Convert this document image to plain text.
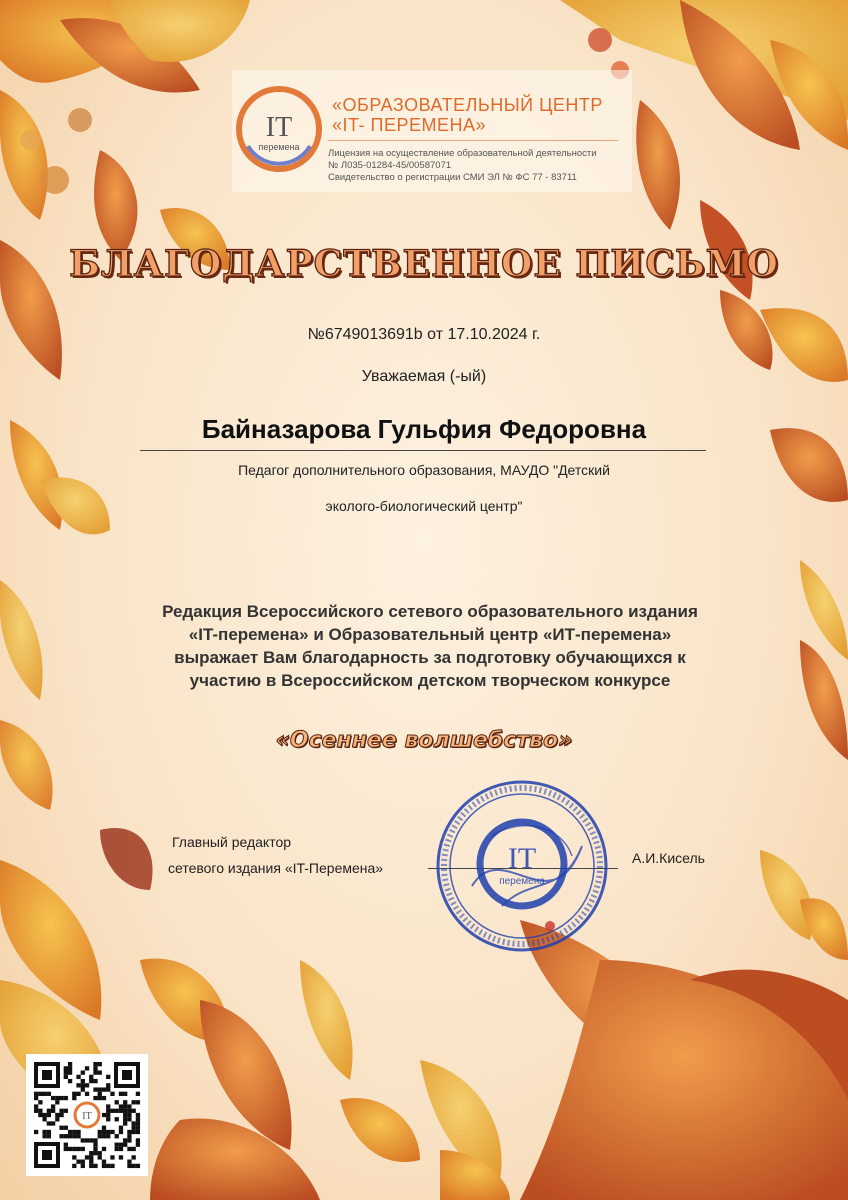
IT
перемена
«ОБРАЗОВАТЕЛЬНЫЙ ЦЕНТР
«IT- ПЕРЕМЕНА»
Лицензия на осуществление образовательной деятельности
№ Л035-01284-45/00587071
Свидетельство о регистрации СМИ ЭЛ № ФС 77 - 83711
БЛАГОДАРСТВЕННОЕ ПИСЬМО
№6749013691b от 17.10.2024 г.
Уважаемая (-ый)
Байназарова Гульфия Федоровна
Педагог дополнительного образования, МАУДО "Детский
эколого-биологический центр"
Редакция Всероссийского сетевого образовательного издания
«IT-перемена» и Образовательный центр «ИТ-перемена»
выражает Вам благодарность за подготовку обучающихся к
участию в Всероссийском детском творческом конкурсе
«Осеннее волшебство»
Главный редактор
сетевого издания «IT-Перемена»
А.И.Кисель
IT
перемена
IT
